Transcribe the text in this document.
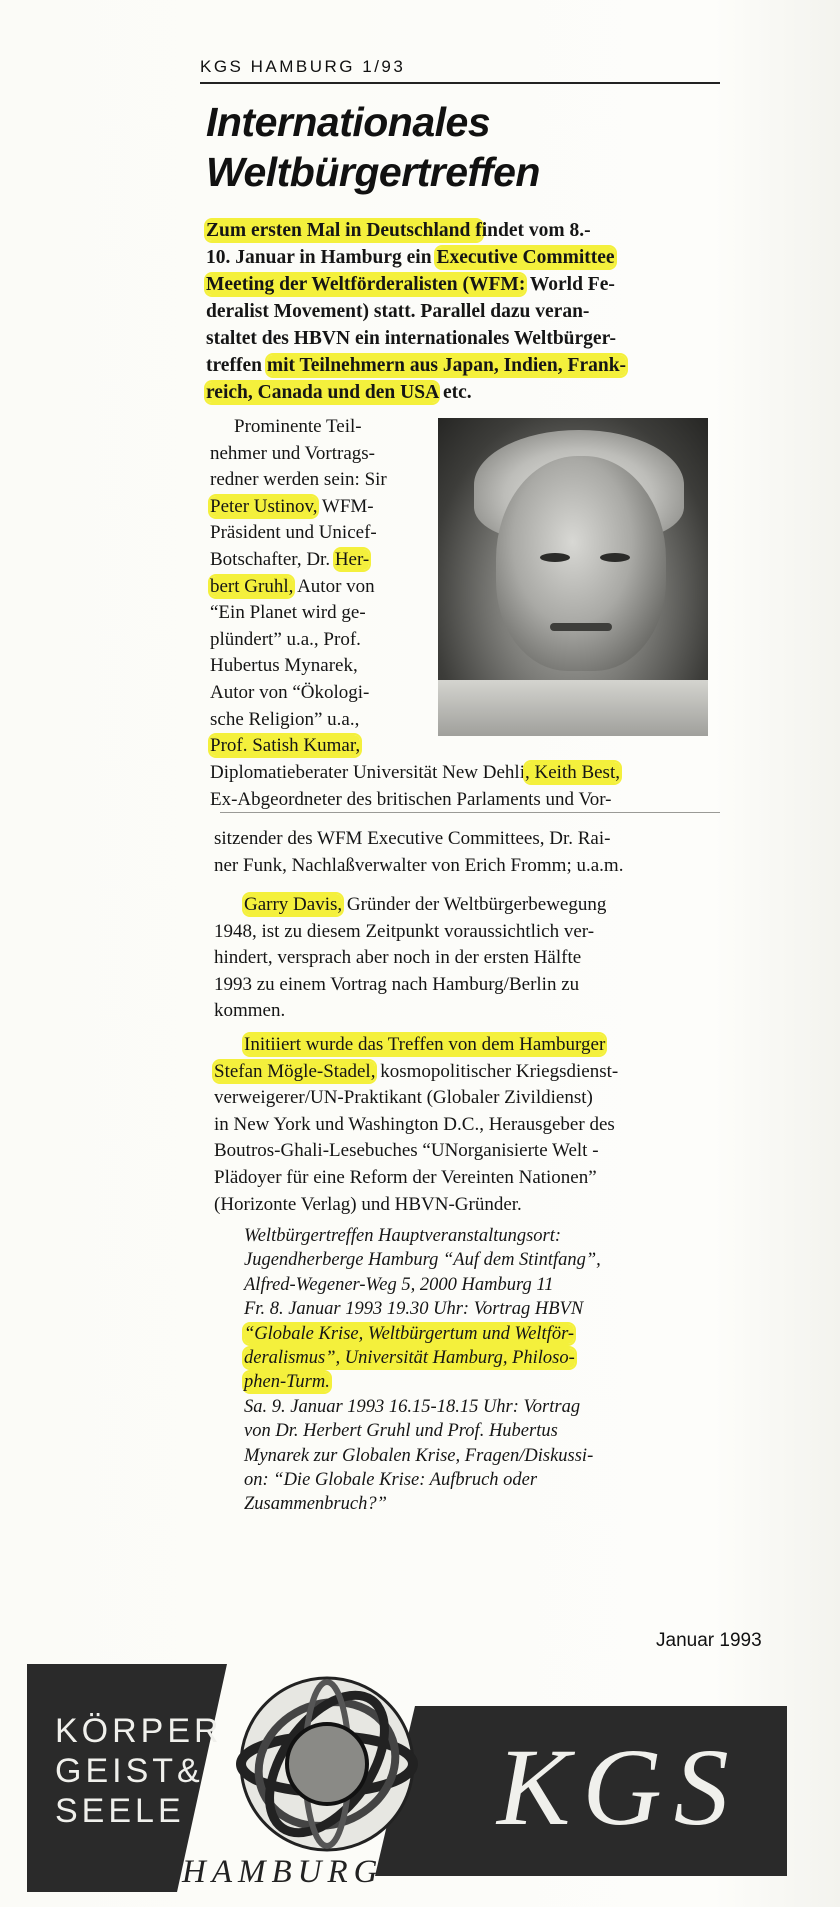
KGS HAMBURG 1/93
Internationales
Weltbürgertreffen
Zum ersten Mal in Deutschland findet vom 8.-
10. Januar in Hamburg ein Executive Committee
Meeting der Weltförderalisten (WFM: World Fe-
deralist Movement) statt. Parallel dazu veran-
staltet des HBVN ein internationales Weltbürger-
treffen mit Teilnehmern aus Japan, Indien, Frank-
reich, Canada und den USA etc.
Prominente Teil-
nehmer und Vortrags-
redner werden sein: Sir
Peter Ustinov, WFM-
Präsident und Unicef-
Botschafter, Dr. Her-
bert Gruhl, Autor von
“Ein Planet wird ge-
plündert” u.a., Prof.
Hubertus Mynarek,
Autor von “Ökologi-
sche Religion” u.a.,
Prof. Satish Kumar,
Diplomatieberater Universität New Dehli, Keith Best,
Ex-Abgeordneter des britischen Parlaments und Vor-
sitzender des WFM Executive Committees, Dr. Rai-
ner Funk, Nachlaßverwalter von Erich Fromm; u.a.m.
Garry Davis, Gründer der Weltbürgerbewegung
1948, ist zu diesem Zeitpunkt voraussichtlich ver-
hindert, versprach aber noch in der ersten Hälfte
1993 zu einem Vortrag nach Hamburg/Berlin zu
kommen.
Initiiert wurde das Treffen von dem Hamburger
Stefan Mögle-Stadel, kosmopolitischer Kriegsdienst-
verweigerer/UN-Praktikant (Globaler Zivildienst)
in New York und Washington D.C., Herausgeber des
Boutros-Ghali-Lesebuches “UNorganisierte Welt -
Plädoyer für eine Reform der Vereinten Nationen”
(Horizonte Verlag) und HBVN-Gründer.
Weltbürgertreffen Hauptveranstaltungsort:
Jugendherberge Hamburg “Auf dem Stintfang”,
Alfred-Wegener-Weg 5, 2000 Hamburg 11
Fr. 8. Januar 1993 19.30 Uhr: Vortrag HBVN
“Globale Krise, Weltbürgertum und Weltför-
deralismus”, Universität Hamburg, Philoso-
phen-Turm.
Sa. 9. Januar 1993 16.15-18.15 Uhr: Vortrag
von Dr. Herbert Gruhl und Prof. Hubertus
Mynarek zur Globalen Krise, Fragen/Diskussi-
on: “Die Globale Krise: Aufbruch oder
Zusammenbruch?”
Januar 1993
KÖRPER
GEIST&
SEELE
HAMBURG
KGS
